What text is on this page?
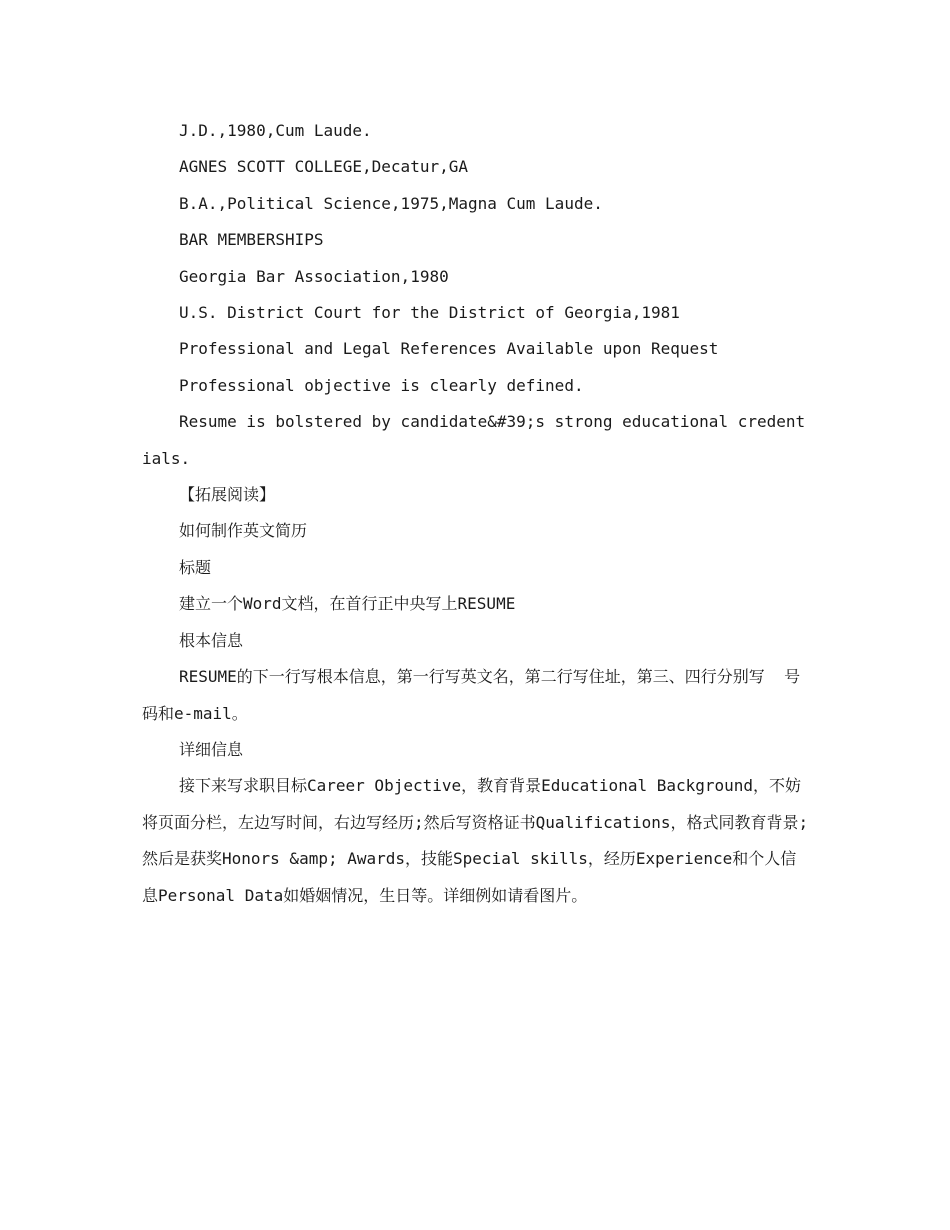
J.D.,1980,Cum Laude.

AGNES SCOTT COLLEGE,Decatur,GA

B.A.,Political Science,1975,Magna Cum Laude.

BAR MEMBERSHIPS

Georgia Bar Association,1980

U.S. District Court for the District of Georgia,1981

Professional and Legal References Available upon Request

Professional objective is clearly defined.

Resume is bolstered by candidate&#39;s strong educational credentials.

【拓展阅读】

如何制作英文简历

标题

建立一个Word文档，在首行正中央写上RESUME

根本信息

RESUME的下一行写根本信息，第一行写英文名，第二行写住址，第三、四行分别写  号码和e-mail。

详细信息

接下来写求职目标Career Objective，教育背景Educational Background，不妨将页面分栏，左边写时间，右边写经历;然后写资格证书Qualifications，格式同教育背景;然后是获奖Honors &amp; Awards，技能Special skills，经历Experience和个人信息Personal Data如婚姻情况，生日等。详细例如请看图片。
